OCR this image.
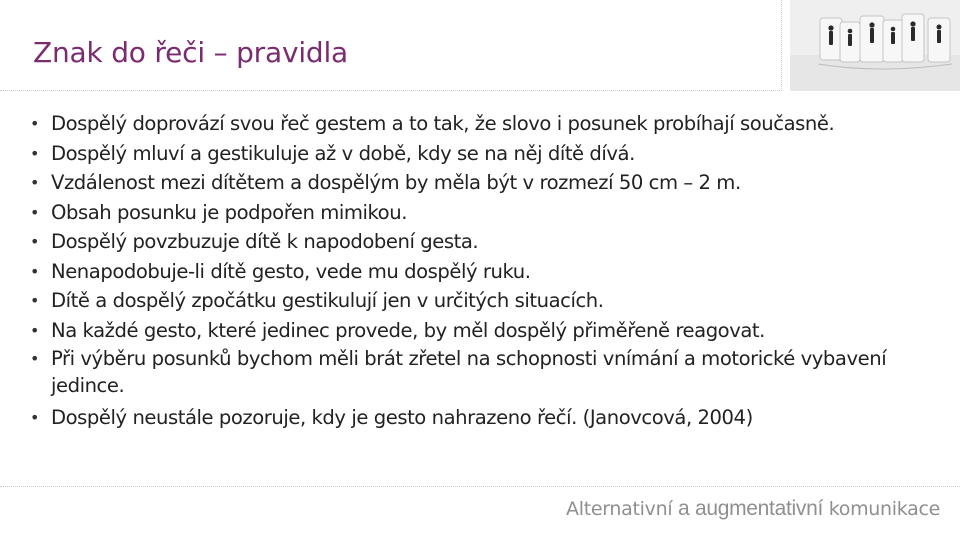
Znak do řeči – pravidla
• Dospělý doprovází svou řeč gestem a to tak, že slovo i posunek probíhají současně.
• Dospělý mluví a gestikuluje až v době, kdy se na něj dítě dívá.
• Vzdálenost mezi dítětem a dospělým by měla být v rozmezí 50 cm – 2 m.
• Obsah posunku je podpořen mimikou.
• Dospělý povzbuzuje dítě k napodobení gesta.
• Nenapodobuje-li dítě gesto, vede mu dospělý ruku.
• Dítě a dospělý zpočátku gestikulují jen v určitých situacích.
• Na každé gesto, které jedinec provede, by měl dospělý přiměřeně reagovat.
• Při výběru posunků bychom měli brát zřetel na schopnosti vnímání a motorické vybavení jedince.
• Dospělý neustále pozoruje, kdy je gesto nahrazeno řečí. (Janovcová, 2004)
Alternativní a augmentativní komunikace
